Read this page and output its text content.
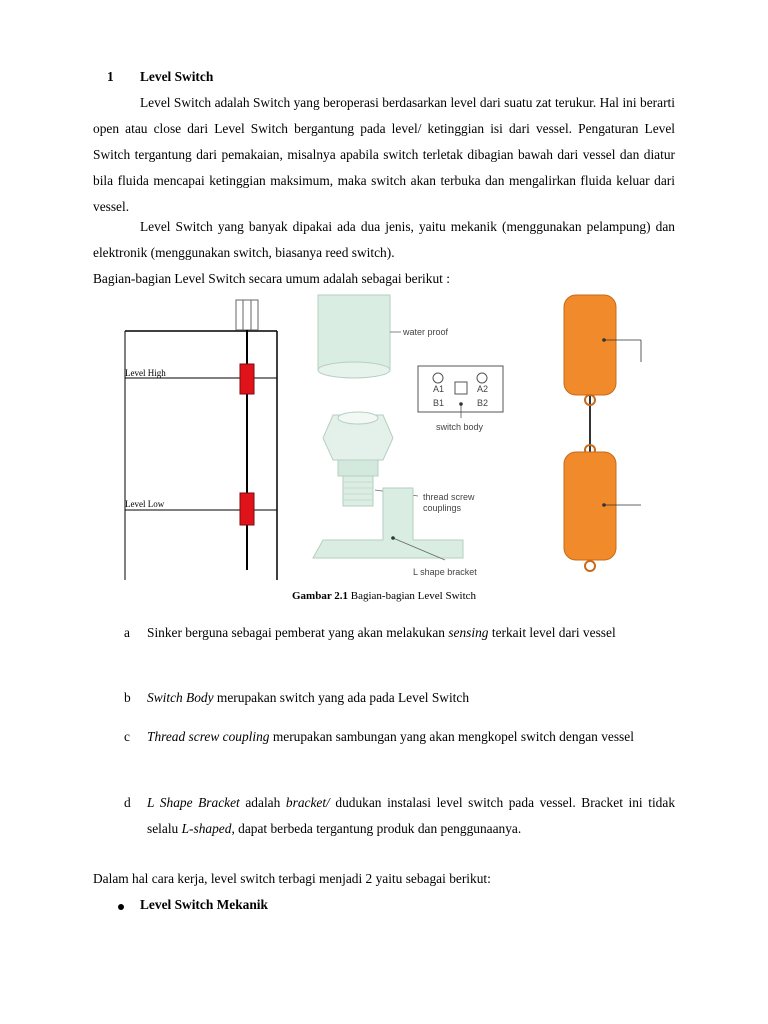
1 Level Switch

Level Switch adalah Switch yang beroperasi berdasarkan level dari suatu zat terukur. Hal ini berarti open atau close dari Level Switch bergantung pada level/ ketinggian isi dari vessel. Pengaturan Level Switch tergantung dari pemakaian, misalnya apabila switch terletak dibagian bawah dari vessel dan diatur bila fluida mencapai ketinggian maksimum, maka switch akan terbuka dan mengalirkan fluida keluar dari vessel.

Level Switch yang banyak dipakai ada dua jenis, yaitu mekanik (menggunakan pelampung) dan elektronik (menggunakan switch, biasanya reed switch).

Bagian-bagian Level Switch secara umum adalah sebagai berikut :
Level High
Level Low
water proof
A1	A2
B1	B2
switch body
thread screw
couplings
L shape bracket
Gambar 2.1 Bagian-bagian Level Switch
a Sinker berguna sebagai pemberat yang akan melakukan sensing terkait level dari vessel

b Switch Body merupakan switch yang ada pada Level Switch

c Thread screw coupling merupakan sambungan yang akan mengkopel switch dengan vessel

d L Shape Bracket adalah bracket/ dudukan instalasi level switch pada vessel. Bracket ini tidak selalu L-shaped, dapat berbeda tergantung produk dan penggunaanya.

Dalam hal cara kerja, level switch terbagi menjadi 2 yaitu sebagai berikut:
Level Switch Mekanik
